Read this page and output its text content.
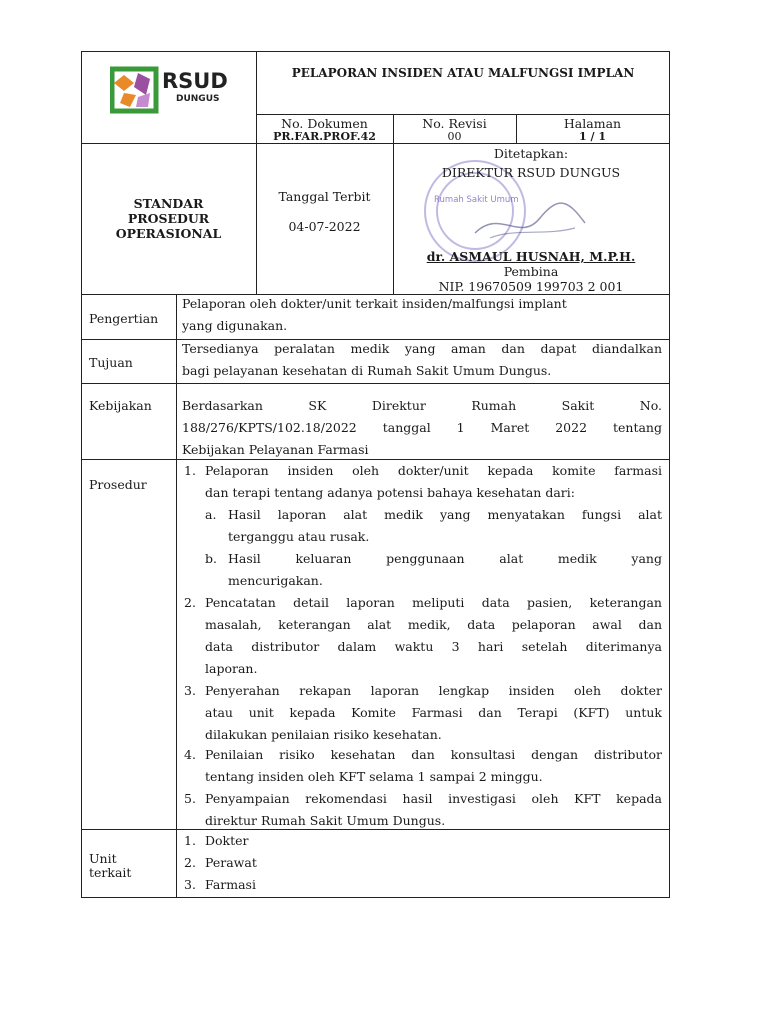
RSUD
DUNGUS
PELAPORAN INSIDEN ATAU MALFUNGSI IMPLAN
No. Dokumen
PR.FAR.PROF.42
No. Revisi
00
Halaman
1 / 1
STANDAR
PROSEDUR
OPERASIONAL
Tanggal Terbit
04-07-2022
Rumah Sakit Umum
Ditetapkan:
DIREKTUR RSUD DUNGUS
dr. ASMAUL HUSNAH, M.P.H.
Pembina
NIP. 19670509 199703 2 001
Pengertian
Pelaporan oleh dokter/unit terkait insiden/malfungsi implant
yang digunakan.
Tujuan
Tersedianya peralatan medik yang aman dan dapat diandalkan
bagi pelayanan kesehatan di Rumah Sakit Umum Dungus.
Kebijakan Berdasarkan SK Direktur Rumah Sakit No.
188/276/KPTS/102.18/2022 tanggal 1 Maret 2022 tentang
Kebijakan Pelayanan Farmasi
Prosedur
1. Pelaporan insiden oleh dokter/unit kepada komite farmasi
dan terapi tentang adanya potensi bahaya kesehatan dari:
a. Hasil laporan alat medik yang menyatakan fungsi alat
terganggu atau rusak.
b. Hasil keluaran penggunaan alat medik yang
mencurigakan.
2. Pencatatan detail laporan meliputi data pasien, keterangan
masalah, keterangan alat medik, data pelaporan awal dan
data distributor dalam waktu 3 hari setelah diterimanya
laporan.
3. Penyerahan rekapan laporan lengkap insiden oleh dokter
atau unit kepada Komite Farmasi dan Terapi (KFT) untuk
dilakukan penilaian risiko kesehatan.
4. Penilaian risiko kesehatan dan konsultasi dengan distributor
tentang insiden oleh KFT selama 1 sampai 2 minggu.
5. Penyampaian rekomendasi hasil investigasi oleh KFT kepada
direktur Rumah Sakit Umum Dungus.
Unit
terkait
1. Dokter
2. Perawat
3. Farmasi
